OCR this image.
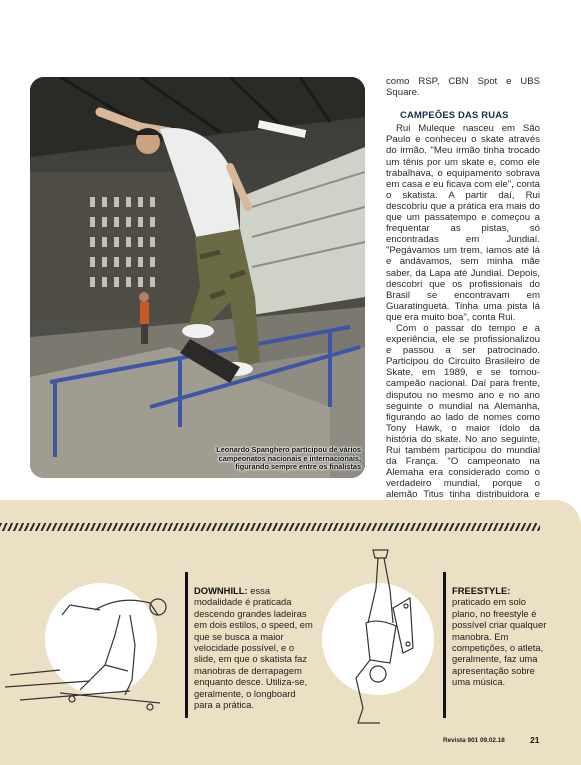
Leonardo Spanghero participou de vários campeonatos nacionais e internacionais, figurando sempre entre os finalistas

como RSP, CBN Spot e UBS Square.

CAMPEÕES DAS RUAS

Rui Muleque nasceu em São Paulo e conheceu o skate através do irmão. "Meu irmão tinha trocado um tênis por um skate e, como ele trabalhava, o equipamento sobrava em casa e eu ficava com ele", conta o skatista. A partir daí, Rui descobriu que a prática era mais do que um passatempo e começou a frequentar as pistas, só encontradas em Jundiaí. "Pegávamos um trem, íamos até lá e andávamos, sem minha mãe saber, da Lapa até Jundiaí. Depois, descobri que os profissionais do Brasil se encontravam em Guaratinguetá. Tinha uma pista lá que era muito boa", conta Rui.

Com o passar do tempo e a experiência, ele se profissionalizou e passou a ser patrocinado. Participou do Circuito Brasileiro de Skate, em 1989, e se tornou- campeão nacional. Daí para frente, disputou no mesmo ano e no ano seguinte o mundial na Alemanha, figurando ao lado de nomes como Tony Hawk, o maior ídolo da história do skate. No ano seguinte, Rui também participou do mundial da França. "O campeonato na Alemaha era considerado como o verdadeiro mundial, porque o alemão Titus tinha distribuidora e

DOWNHILL: essa modalidade é praticada descendo grandes ladeiras em dois estilos, o speed, em que se busca a maior velocidade possível, e o slide, em que o skatista faz manobras de derrapagem enquanto desce. Utiliza-se, geralmente, o longboard para a prática.
FREESTYLE: praticado em solo plano, no freestyle é possível criar qualquer manobra. Em competições, o atleta, geralmente, faz uma apresentação sobre uma música.
Revista 901 09.02.18	21
